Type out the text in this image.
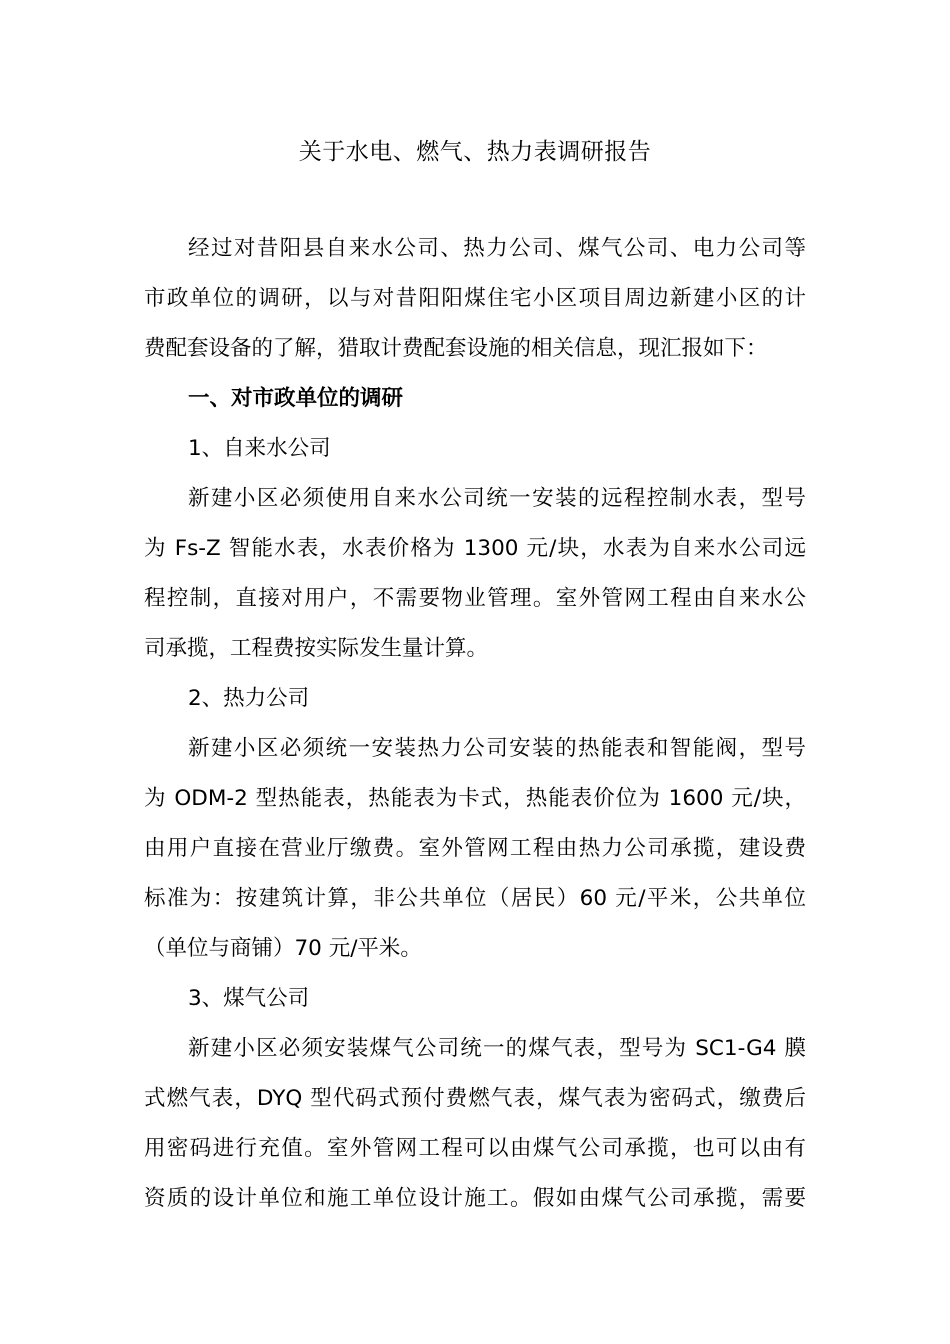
关于水电、燃气、热力表调研报告
经过对昔阳县自来水公司、热力公司、煤气公司、电力公司等
市政单位的调研，以与对昔阳阳煤住宅小区项目周边新建小区的计
费配套设备的了解，猎取计费配套设施的相关信息，现汇报如下：
一、对市政单位的调研
1、自来水公司
新建小区必须使用自来水公司统一安装的远程控制水表，型号
为 Fs-Z 智能水表，水表价格为 1300 元/块，水表为自来水公司远
程控制，直接对用户，不需要物业管理。室外管网工程由自来水公
司承揽，工程费按实际发生量计算。
2、热力公司
新建小区必须统一安装热力公司安装的热能表和智能阀，型号
为 ODM-2 型热能表，热能表为卡式，热能表价位为 1600 元/块，
由用户直接在营业厅缴费。室外管网工程由热力公司承揽，建设费
标准为：按建筑计算，非公共单位（居民）60 元/平米，公共单位
（单位与商铺）70 元/平米。
3、煤气公司
新建小区必须安装煤气公司统一的煤气表，型号为 SC1-G4 膜
式燃气表，DYQ 型代码式预付费燃气表，煤气表为密码式，缴费后
用密码进行充值。室外管网工程可以由煤气公司承揽，也可以由有
资质的设计单位和施工单位设计施工。假如由煤气公司承揽，需要
